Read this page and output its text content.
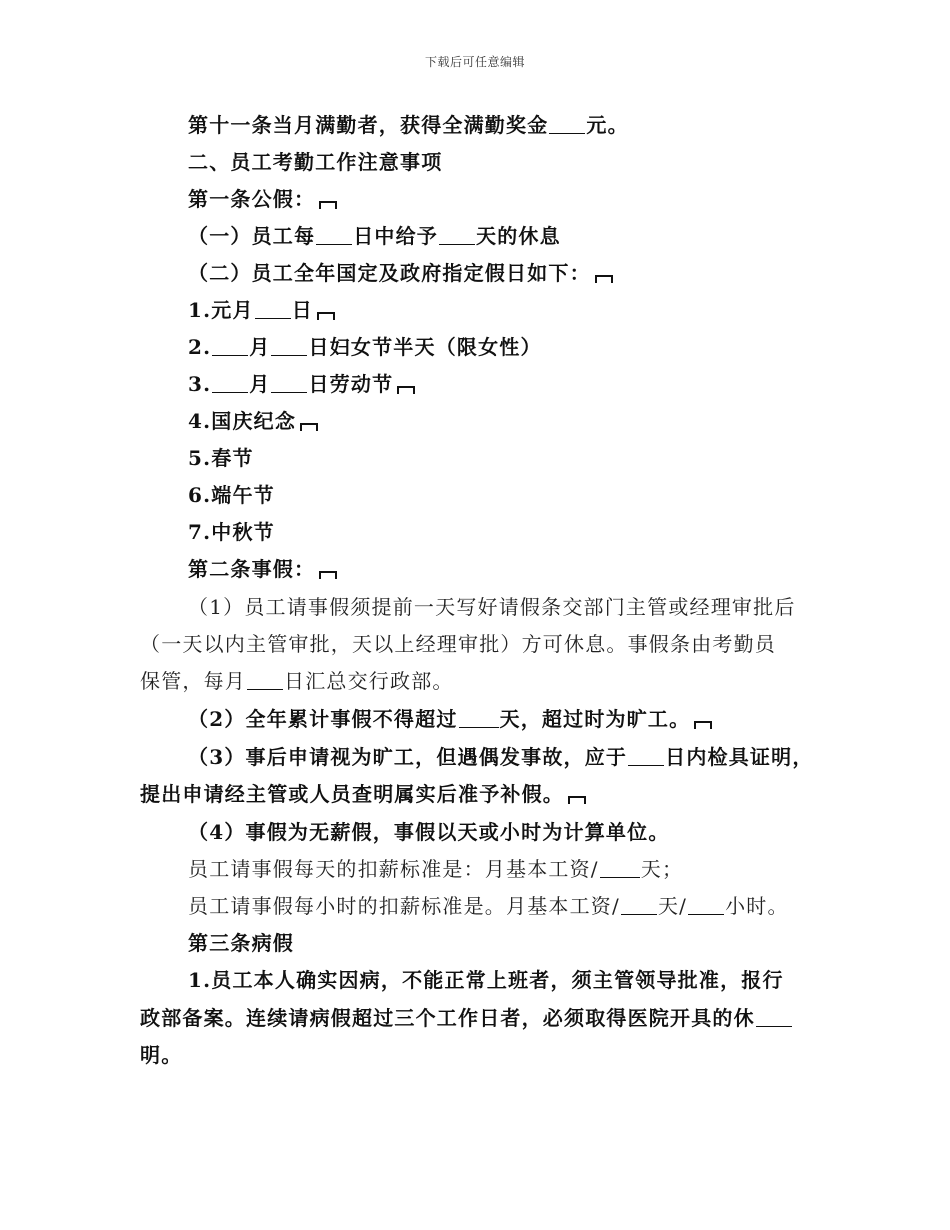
下载后可任意编辑
第十一条当月满勤者，获得全满勤奖金 元。
二、员工考勤工作注意事项
第一条公假：
（一）员工每 日中给予 天的休息
（二）员工全年国定及政府指定假日如下：
1.元月 日
2. 月 日妇女节半天（限女性）
3. 月 日劳动节
4.国庆纪念
5.春节
6.端午节
7.中秋节
第二条事假：
（1）员工请事假须提前一天写好请假条交部门主管或经理审批后
（一天以内主管审批，天以上经理审批）方可休息。事假条由考勤员
保管，每月 日汇总交行政部。
（2）全年累计事假不得超过 天，超过时为旷工。
（3）事后申请视为旷工，但遇偶发事故，应于 日内检具证明，
提出申请经主管或人员查明属实后准予补假。
（4）事假为无薪假，事假以天或小时为计算单位。
员工请事假每天的扣薪标准是：月基本工资/ 天；
员工请事假每小时的扣薪标准是。月基本工资/ 天/ 小时。
第三条病假
1.员工本人确实因病，不能正常上班者，须主管领导批准，报行
政部备案。连续请病假超过三个工作日者，必须取得医院开具的休
明。
